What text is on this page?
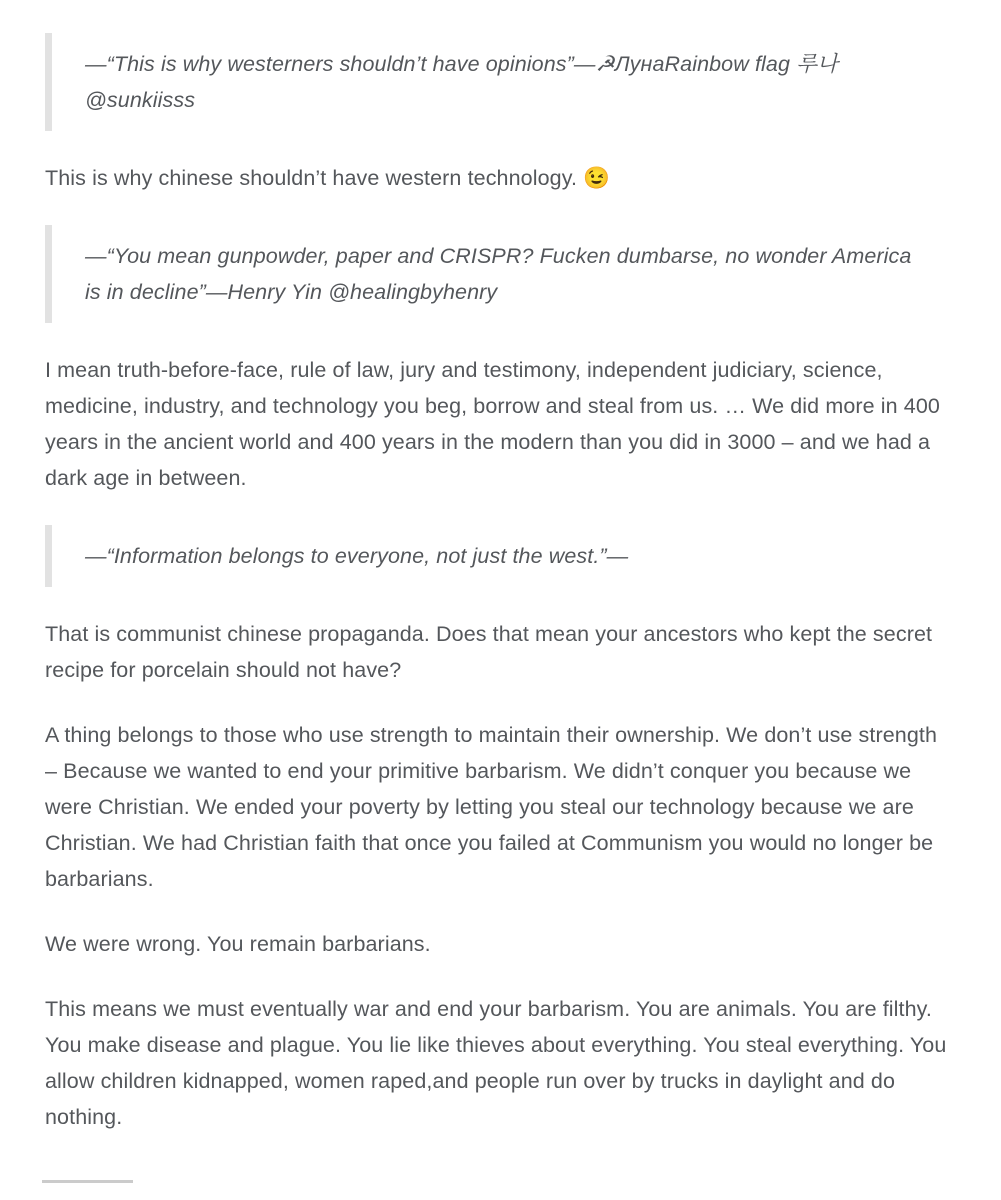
—“This is why westerners shouldn’t have opinions”—☭ЛунаRainbow flag 루나 @sunkiisss

This is why chinese shouldn’t have western technology. 😉

—“You mean gunpowder, paper and CRISPR? Fucken dumbarse, no wonder America is in decline”—Henry Yin @healingbyhenry

I mean truth-before-face, rule of law, jury and testimony, independent judiciary, science, medicine, industry, and technology you beg, borrow and steal from us. … We did more in 400 years in the ancient world and 400 years in the modern than you did in 3000 – and we had a dark age in between.

—“Information belongs to everyone, not just the west.”—

That is communist chinese propaganda. Does that mean your ancestors who kept the secret recipe for porcelain should not have?

A thing belongs to those who use strength to maintain their ownership. We don’t use strength – Because we wanted to end your primitive barbarism. We didn’t conquer you because we were Christian. We ended your poverty by letting you steal our technology because we are Christian. We had Christian faith that once you failed at Communism you would no longer be barbarians.

We were wrong. You remain barbarians.

This means we must eventually war and end your barbarism. You are animals. You are filthy. You make disease and plague. You lie like thieves about everything. You steal everything. You allow children kidnapped, women raped,and people run over by trucks in daylight and do nothing.
